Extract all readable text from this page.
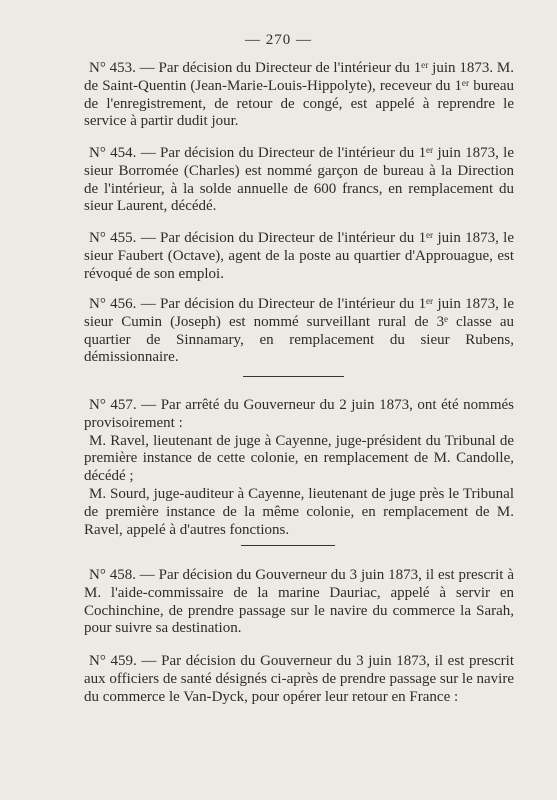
— 270 —

N° 453. — Par décision du Directeur de l'intérieur du 1ᵉʳ juin 1873. M. de Saint-Quentin (Jean-Marie-Louis-Hippolyte), receveur du 1ᵉʳ bureau de l'enregistrement, de retour de congé, est appelé à reprendre le service à partir dudit jour.

N° 454. — Par décision du Directeur de l'intérieur du 1ᵉʳ juin 1873, le sieur Borromée (Charles) est nommé garçon de bureau à la Direction de l'intérieur, à la solde annuelle de 600 francs, en remplacement du sieur Laurent, décédé.

N° 455. — Par décision du Directeur de l'intérieur du 1ᵉʳ juin 1873, le sieur Faubert (Octave), agent de la poste au quartier d'Approuague, est révoqué de son emploi.

N° 456. — Par décision du Directeur de l'intérieur du 1ᵉʳ juin 1873, le sieur Cumin (Joseph) est nommé surveillant rural de 3ᵉ classe au quartier de Sinnamary, en remplacement du sieur Rubens, démissionnaire.

N° 457. — Par arrêté du Gouverneur du 2 juin 1873, ont été nommés provisoirement :

M. Ravel, lieutenant de juge à Cayenne, juge-président du Tribunal de première instance de cette colonie, en remplacement de M. Candolle, décédé ;

M. Sourd, juge-auditeur à Cayenne, lieutenant de juge près le Tribunal de première instance de la même colonie, en remplacement de M. Ravel, appelé à d'autres fonctions.

N° 458. — Par décision du Gouverneur du 3 juin 1873, il est prescrit à M. l'aide-commissaire de la marine Dauriac, appelé à servir en Cochinchine, de prendre passage sur le navire du commerce la Sarah, pour suivre sa destination.

N° 459. — Par décision du Gouverneur du 3 juin 1873, il est prescrit aux officiers de santé désignés ci-après de prendre passage sur le navire du commerce le Van-Dyck, pour opérer leur retour en France :
